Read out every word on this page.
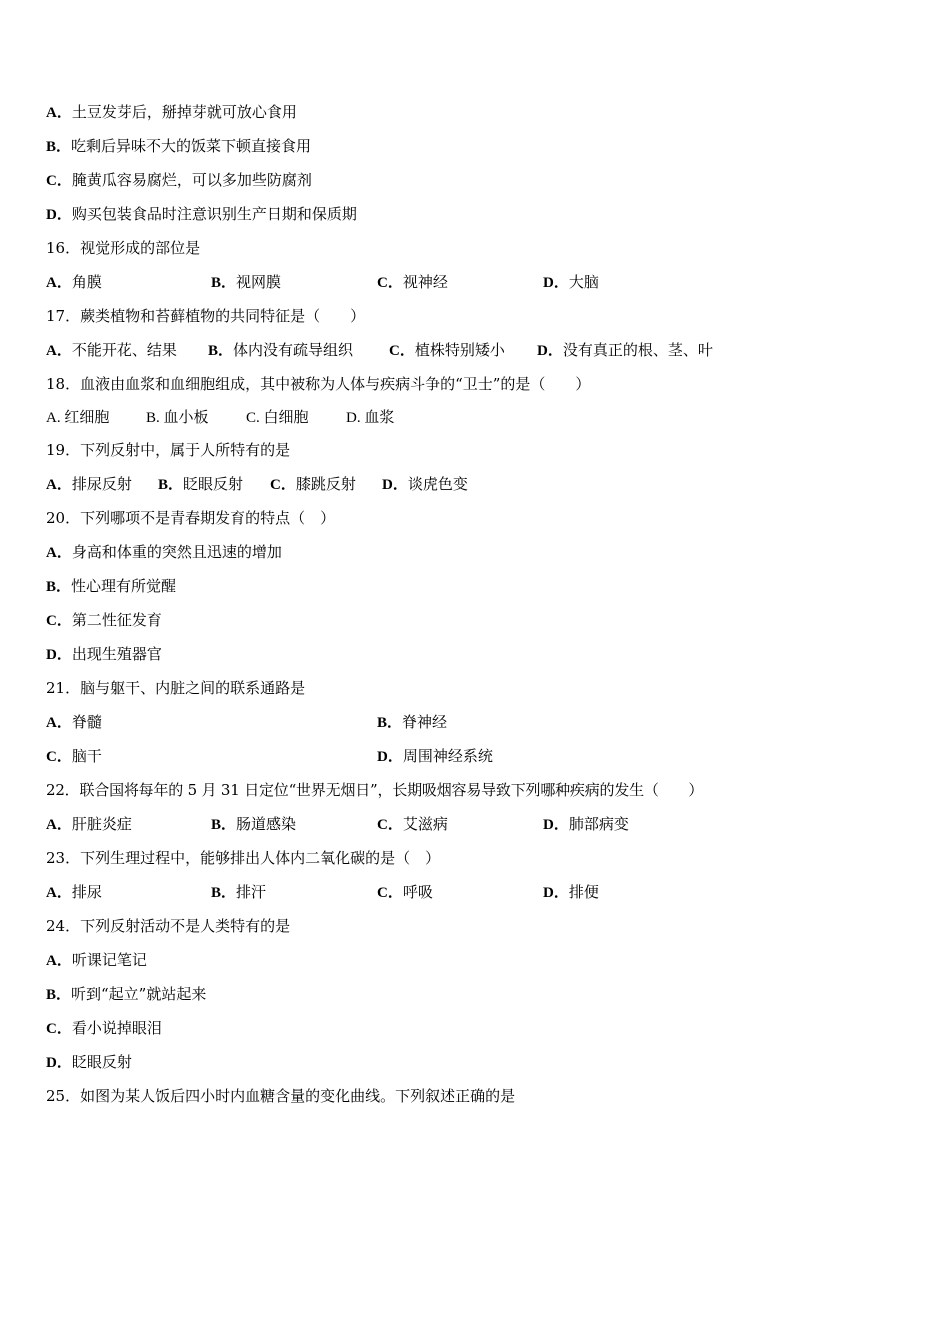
A．土豆发芽后，掰掉芽就可放心食用
B．吃剩后异味不大的饭菜下顿直接食用
C．腌黄瓜容易腐烂，可以多加些防腐剂
D．购买包装食品时注意识别生产日期和保质期
16．视觉形成的部位是
A．角膜	B．视网膜	C．视神经	D．大脑
17．蕨类植物和苔藓植物的共同特征是（　　）
A．不能开花、结果 B．体内没有疏导组织 C．植株特别矮小 D．没有真正的根、茎、叶
18．血液由血浆和血细胞组成，其中被称为人体与疾病斗争的“卫士”的是（　　）
A. 红细胞 B. 血小板 C. 白细胞 D. 血浆
19．下列反射中，属于人所特有的是
A．排尿反射 B．眨眼反射 C．膝跳反射 D．谈虎色变
20．下列哪项不是青春期发育的特点（　）
A．身高和体重的突然且迅速的增加
B．性心理有所觉醒
C．第二性征发育
D．出现生殖器官
21．脑与躯干、内脏之间的联系通路是
A．脊髓	B．脊神经
C．脑干	D．周围神经系统
22．联合国将每年的 5 月 31 日定位“世界无烟日”，长期吸烟容易导致下列哪种疾病的发生（　　）
A．肝脏炎症	B．肠道感染	C．艾滋病	D．肺部病变
23．下列生理过程中，能够排出人体内二氧化碳的是（　）
A．排尿	B．排汗	C．呼吸	D．排便
24．下列反射活动不是人类特有的是
A．听课记笔记
B．听到“起立”就站起来
C．看小说掉眼泪
D．眨眼反射
25．如图为某人饭后四小时内血糖含量的变化曲线。下列叙述正确的是
